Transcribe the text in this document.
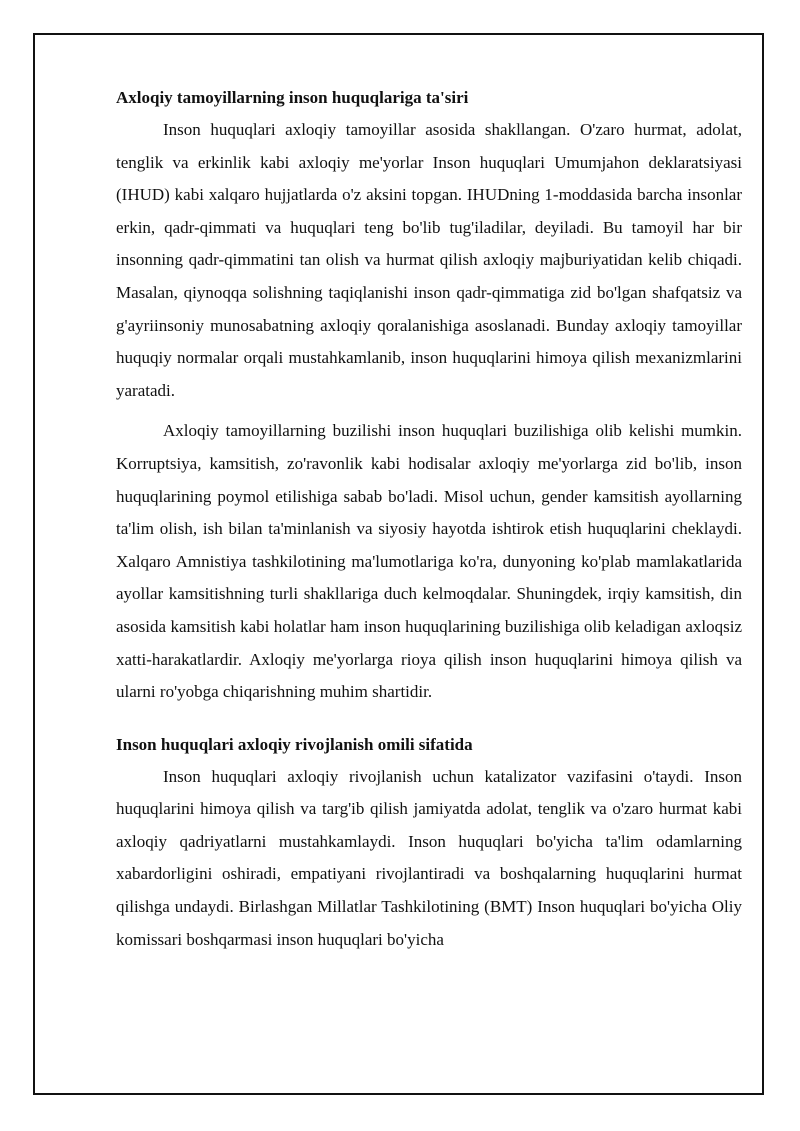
Axloqiy tamoyillarning inson huquqlariga ta'siri

Inson huquqlari axloqiy tamoyillar asosida shakllangan. O'zaro hurmat, adolat, tenglik va erkinlik kabi axloqiy me'yorlar Inson huquqlari Umumjahon deklaratsiyasi (IHUD) kabi xalqaro hujjatlarda o'z aksini topgan. IHUDning 1-moddasida barcha insonlar erkin, qadr-qimmati va huquqlari teng bo'lib tug'iladilar, deyiladi. Bu tamoyil har bir insonning qadr-qimmatini tan olish va hurmat qilish axloqiy majburiyatidan kelib chiqadi. Masalan, qiynoqqa solishning taqiqlanishi inson qadr-qimmatiga zid bo'lgan shafqatsiz va g'ayriinsoniy munosabatning axloqiy qoralanishiga asoslanadi. Bunday axloqiy tamoyillar huquqiy normalar orqali mustahkamlanib, inson huquqlarini himoya qilish mexanizmlarini yaratadi.

Axloqiy tamoyillarning buzilishi inson huquqlari buzilishiga olib kelishi mumkin. Korruptsiya, kamsitish, zo'ravonlik kabi hodisalar axloqiy me'yorlarga zid bo'lib, inson huquqlarining poymol etilishiga sabab bo'ladi. Misol uchun, gender kamsitish ayollarning ta'lim olish, ish bilan ta'minlanish va siyosiy hayotda ishtirok etish huquqlarini cheklaydi. Xalqaro Amnistiya tashkilotining ma'lumotlariga ko'ra, dunyoning ko'plab mamlakatlarida ayollar kamsitishning turli shakllariga duch kelmoqdalar. Shuningdek, irqiy kamsitish, din asosida kamsitish kabi holatlar ham inson huquqlarining buzilishiga olib keladigan axloqsiz xatti-harakatlardir. Axloqiy me'yorlarga rioya qilish inson huquqlarini himoya qilish va ularni ro'yobga chiqarishning muhim shartidir.

Inson huquqlari axloqiy rivojlanish omili sifatida

Inson huquqlari axloqiy rivojlanish uchun katalizator vazifasini o'taydi. Inson huquqlarini himoya qilish va targ'ib qilish jamiyatda adolat, tenglik va o'zaro hurmat kabi axloqiy qadriyatlarni mustahkamlaydi. Inson huquqlari bo'yicha ta'lim odamlarning xabardorligini oshiradi, empatiyani rivojlantiradi va boshqalarning huquqlarini hurmat qilishga undaydi. Birlashgan Millatlar Tashkilotining (BMT) Inson huquqlari bo'yicha Oliy komissari boshqarmasi inson huquqlari bo'yicha
